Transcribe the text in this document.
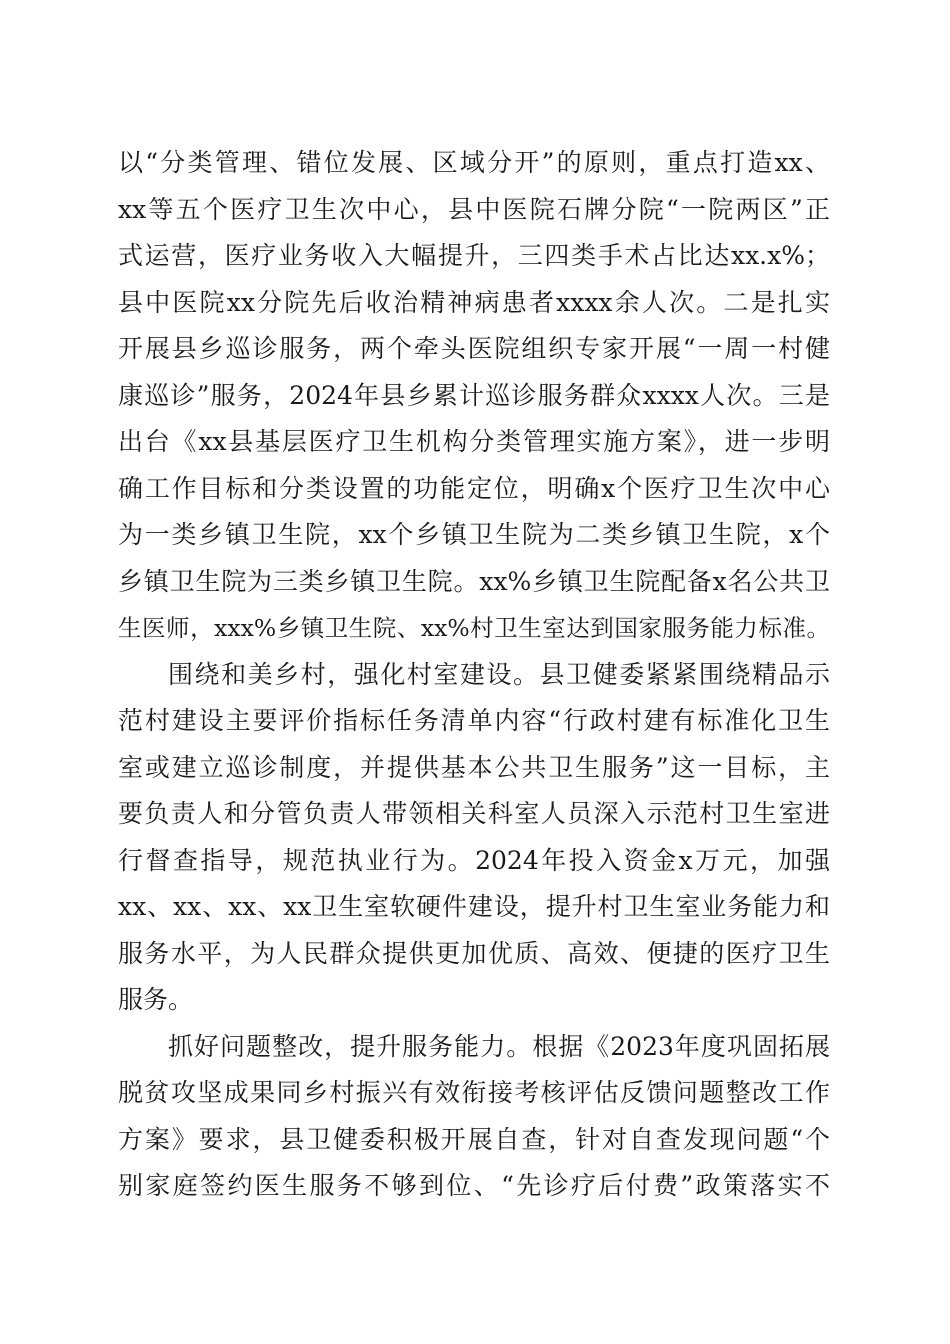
以“分类管理、错位发展、区域分开”的原则，重点打造xx、
xx等五个医疗卫生次中心，县中医院石牌分院“一院两区”正
式运营，医疗业务收入大幅提升，三四类手术占比达xx.x%；
县中医院xx分院先后收治精神病患者xxxx余人次。二是扎实
开展县乡巡诊服务，两个牵头医院组织专家开展“一周一村健
康巡诊”服务，2024年县乡累计巡诊服务群众xxxx人次。三是
出台《xx县基层医疗卫生机构分类管理实施方案》，进一步明
确工作目标和分类设置的功能定位，明确x个医疗卫生次中心
为一类乡镇卫生院，xx个乡镇卫生院为二类乡镇卫生院，x个
乡镇卫生院为三类乡镇卫生院。xx%乡镇卫生院配备x名公共卫
生医师，xxx%乡镇卫生院、xx%村卫生室达到国家服务能力标准。
围绕和美乡村，强化村室建设。县卫健委紧紧围绕精品示
范村建设主要评价指标任务清单内容“行政村建有标准化卫生
室或建立巡诊制度，并提供基本公共卫生服务”这一目标，主
要负责人和分管负责人带领相关科室人员深入示范村卫生室进
行督查指导，规范执业行为。2024年投入资金x万元，加强
xx、xx、xx、xx卫生室软硬件建设，提升村卫生室业务能力和
服务水平，为人民群众提供更加优质、高效、便捷的医疗卫生
服务。
抓好问题整改，提升服务能力。根据《2023年度巩固拓展
脱贫攻坚成果同乡村振兴有效衔接考核评估反馈问题整改工作
方案》要求，县卫健委积极开展自查，针对自查发现问题“个
别家庭签约医生服务不够到位、“先诊疗后付费”政策落实不
